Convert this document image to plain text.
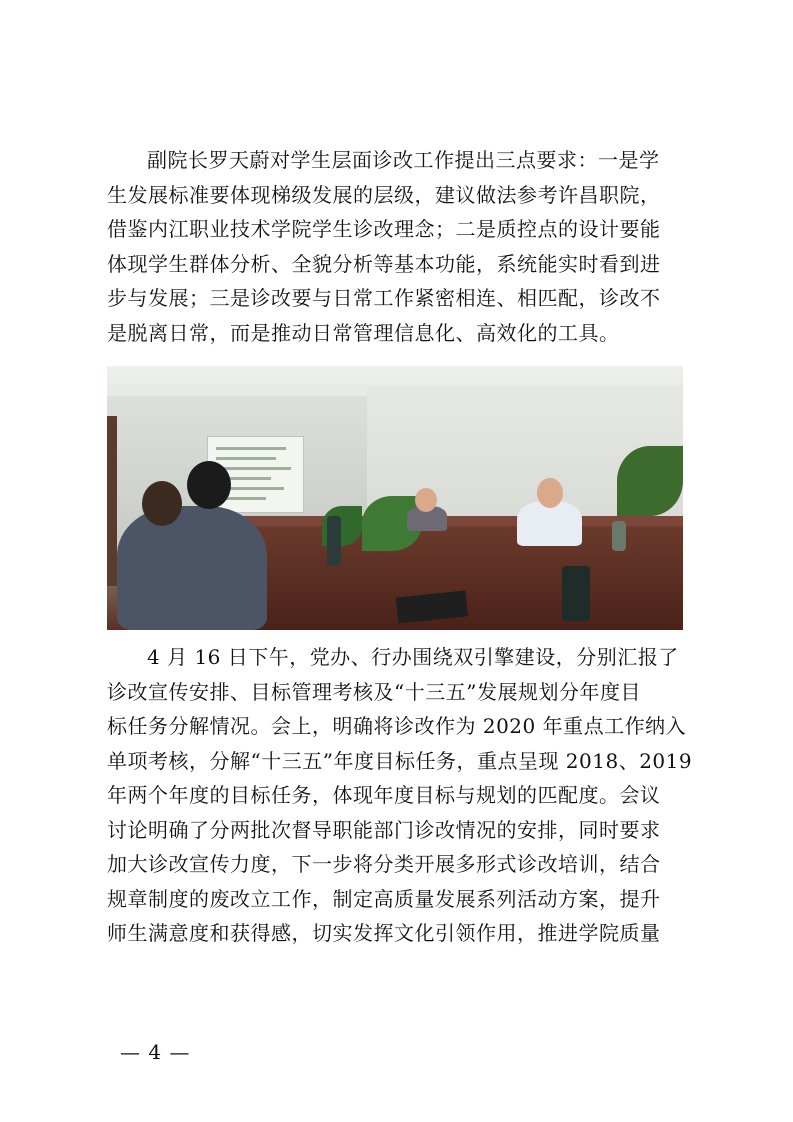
副院长罗天蔚对学生层面诊改工作提出三点要求：一是学
生发展标准要体现梯级发展的层级，建议做法参考许昌职院，
借鉴内江职业技术学院学生诊改理念；二是质控点的设计要能
体现学生群体分析、全貌分析等基本功能，系统能实时看到进
步与发展；三是诊改要与日常工作紧密相连、相匹配，诊改不
是脱离日常，而是推动日常管理信息化、高效化的工具。
4 月 16 日下午，党办、行办围绕双引擎建设，分别汇报了
诊改宣传安排、目标管理考核及“十三五”发展规划分年度目
标任务分解情况。会上，明确将诊改作为 2020 年重点工作纳入
单项考核，分解“十三五”年度目标任务，重点呈现 2018、2019
年两个年度的目标任务，体现年度目标与规划的匹配度。会议
讨论明确了分两批次督导职能部门诊改情况的安排，同时要求
加大诊改宣传力度，下一步将分类开展多形式诊改培训，结合
规章制度的废改立工作，制定高质量发展系列活动方案，提升
师生满意度和获得感，切实发挥文化引领作用，推进学院质量
— 4 —
